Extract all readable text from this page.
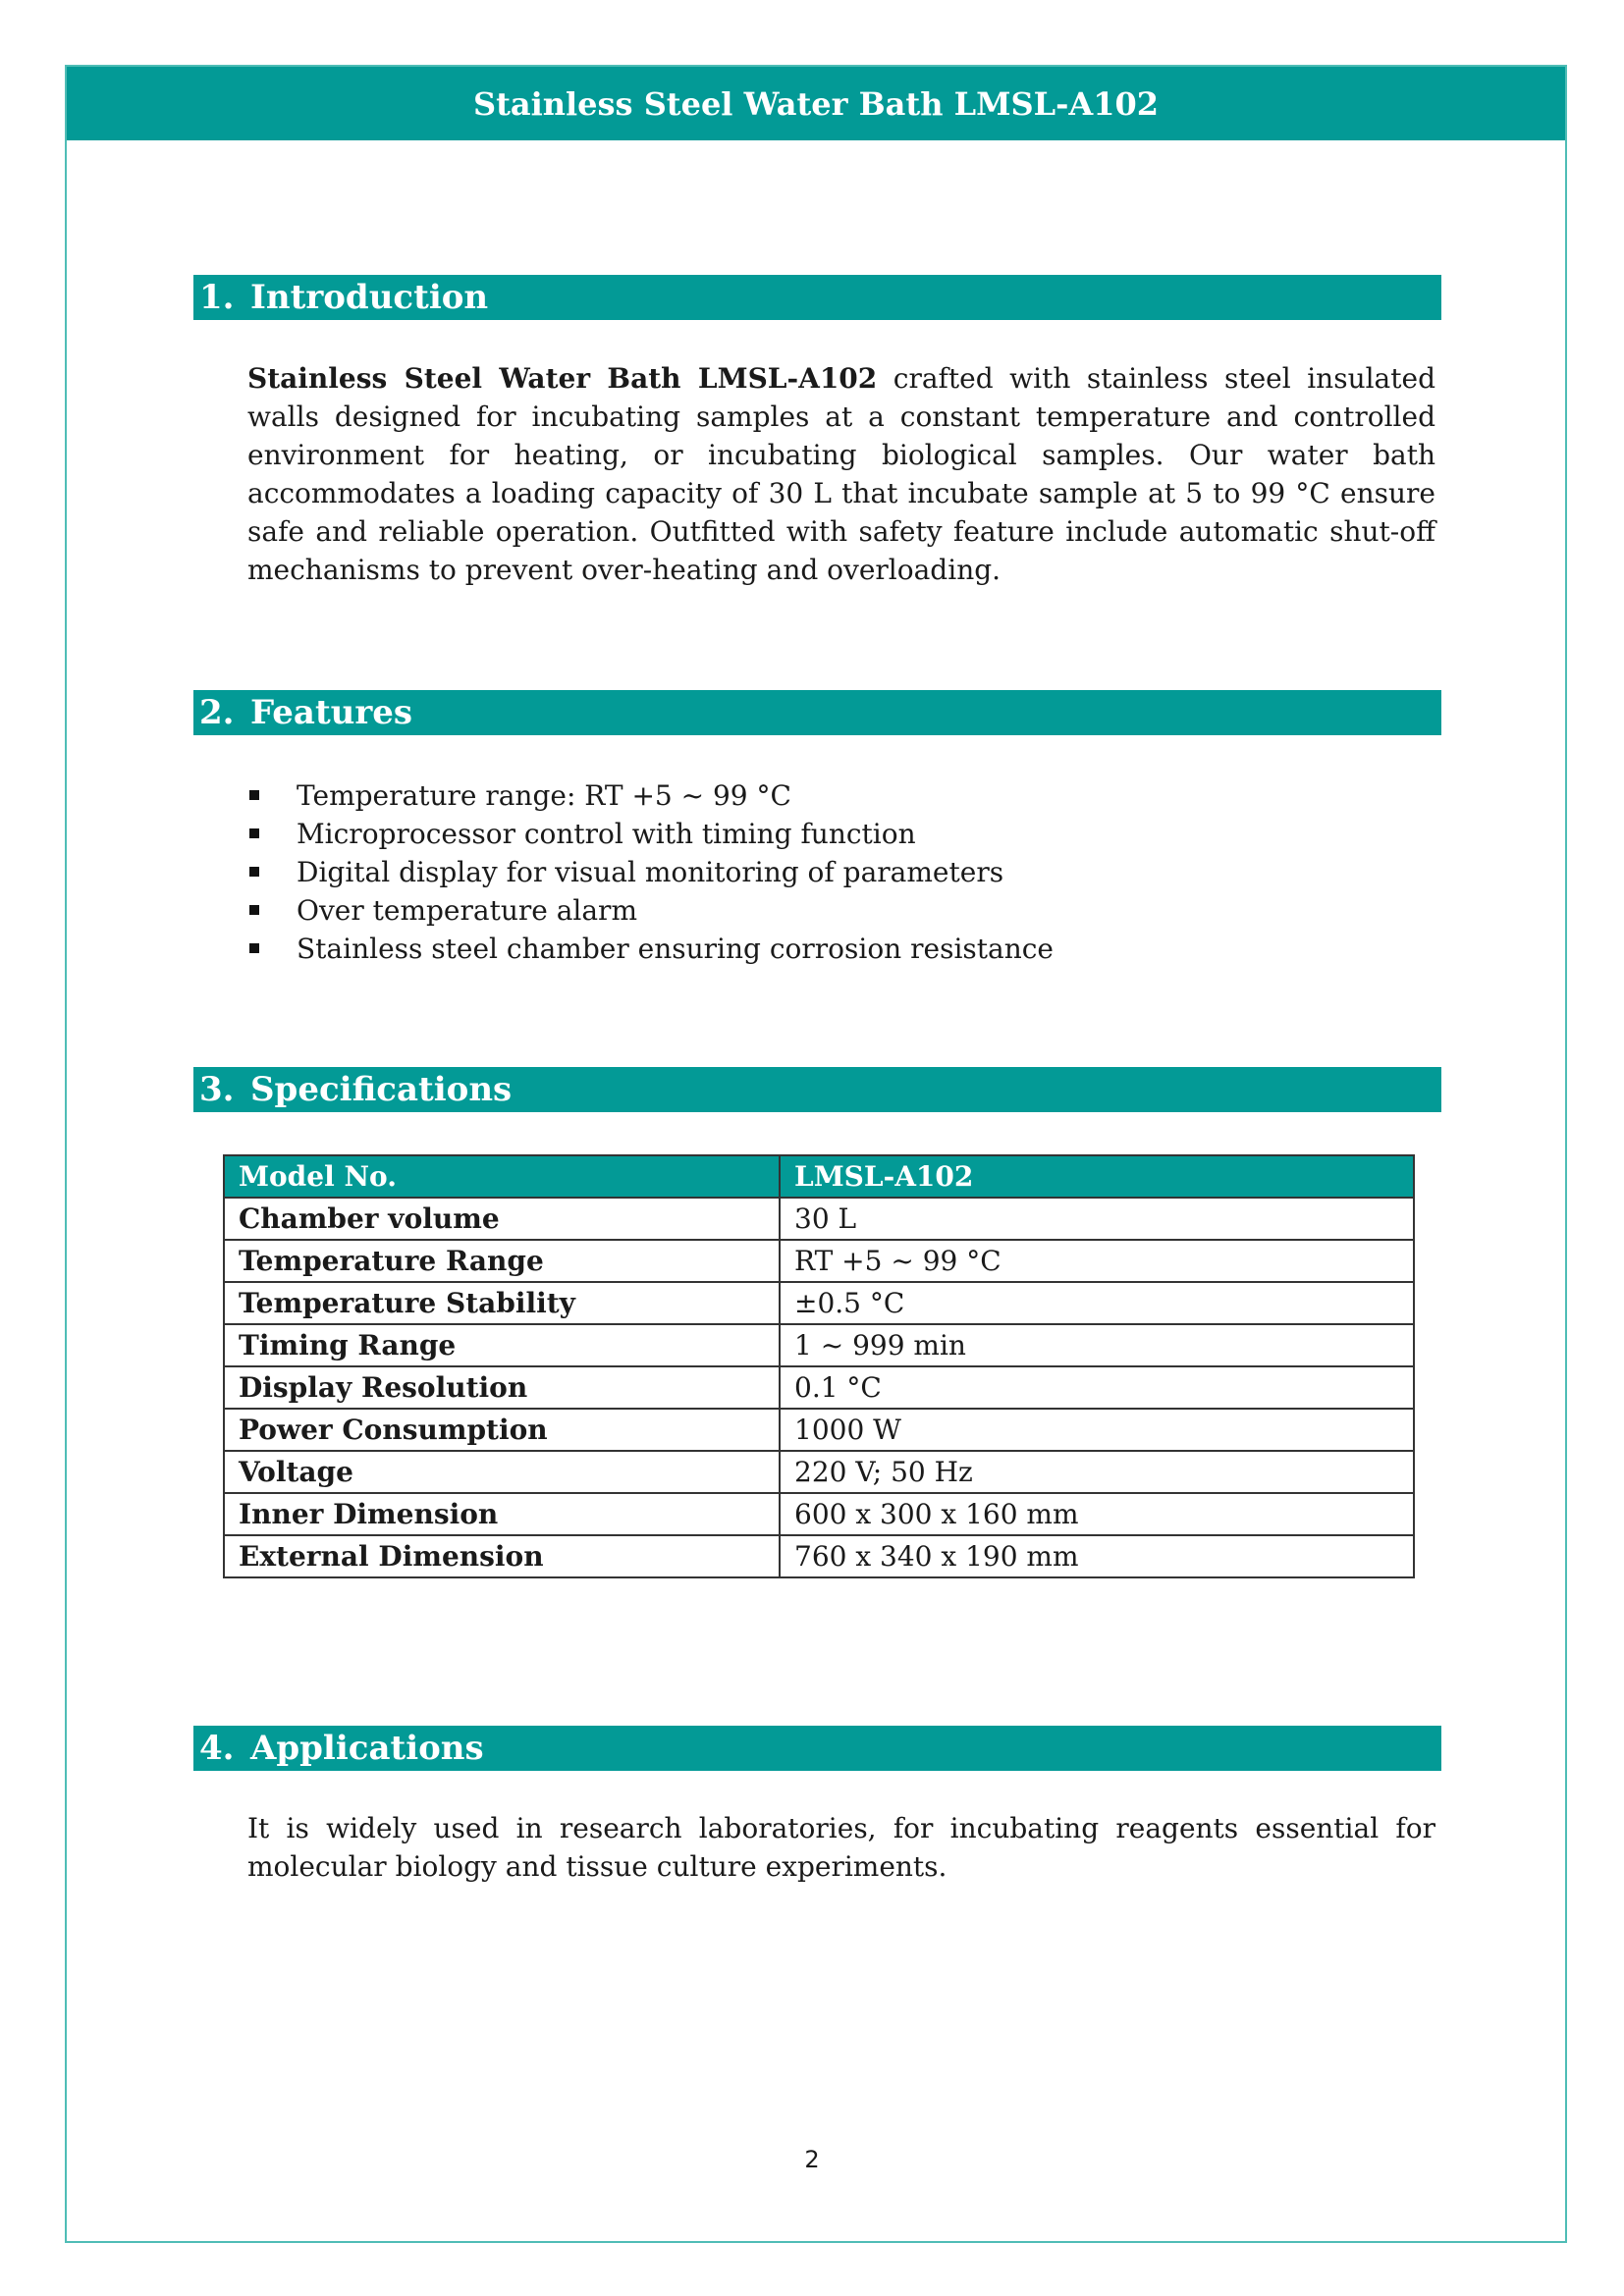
Stainless Steel Water Bath LMSL-A102
1. Introduction

Stainless Steel Water Bath LMSL-A102 crafted with stainless steel insulated walls designed for incubating samples at a constant temperature and controlled environment for heating, or incubating biological samples. Our water bath accommodates a loading capacity of 30 L that incubate sample at 5 to 99 °C ensure safe and reliable operation. Outfitted with safety feature include automatic shut-off mechanisms to prevent over-heating and overloading.

2. Features
Temperature range: RT +5 ~ 99 °C
Microprocessor control with timing function
Digital display for visual monitoring of parameters
Over temperature alarm
Stainless steel chamber ensuring corrosion resistance
3. Specifications
Model No.	LMSL-A102
Chamber volume	30 L
Temperature Range	RT +5 ~ 99 °C
Temperature Stability	±0.5 °C
Timing Range	1 ~ 999 min
Display Resolution	0.1 °C
Power Consumption	1000 W
Voltage	220 V; 50 Hz
Inner Dimension	600 x 300 x 160 mm
External Dimension	760 x 340 x 190 mm
4. Applications

It is widely used in research laboratories, for incubating reagents essential for molecular biology and tissue culture experiments.

2
